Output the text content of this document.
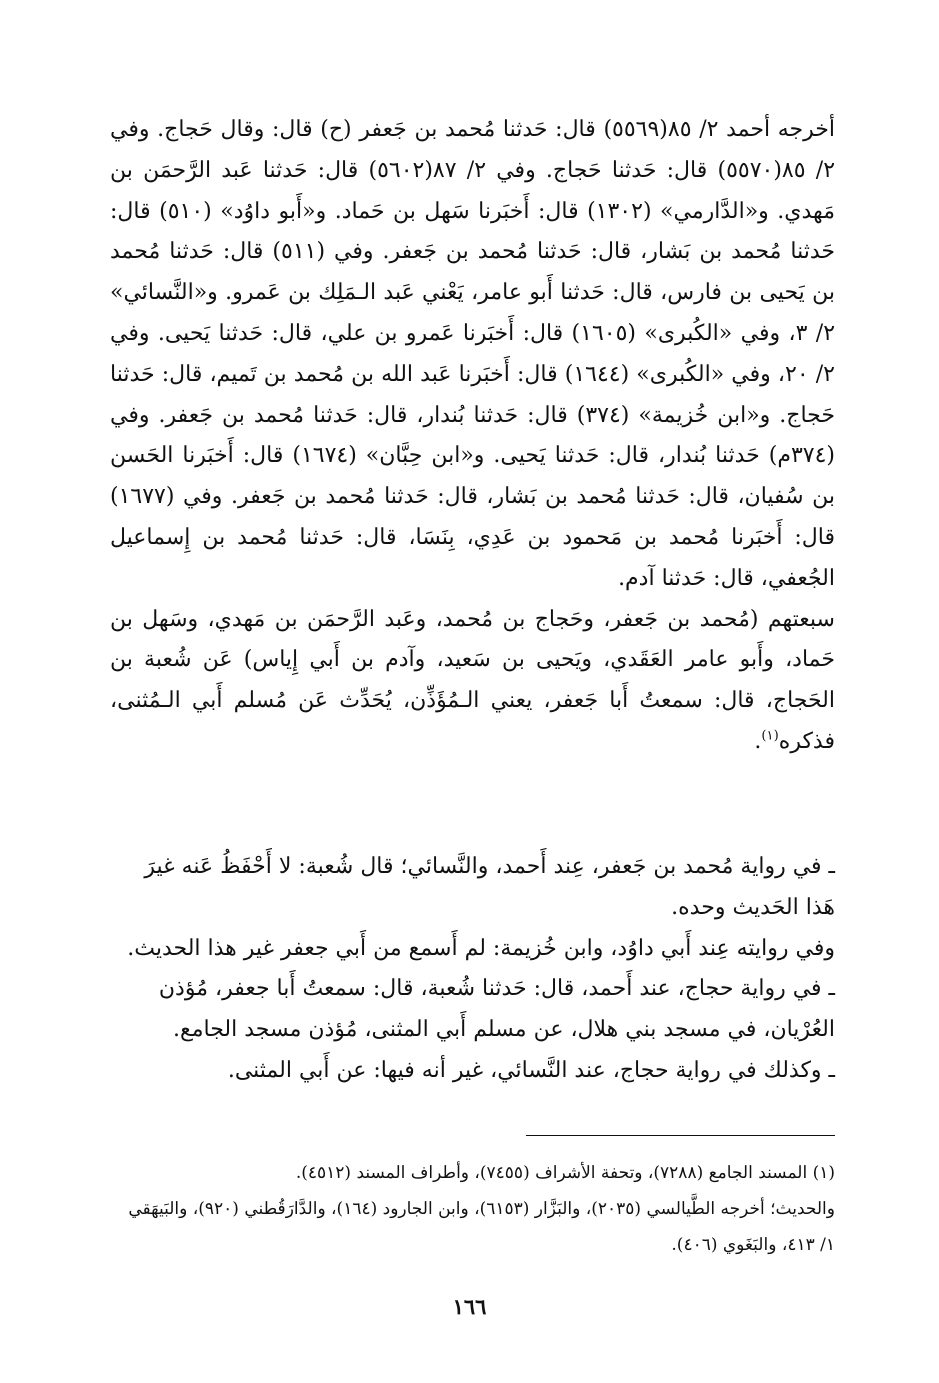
أخرجه أحمد ٢/ ٨٥(٥٥٦٩) قال: حَدثنا مُحمد بن جَعفر (ح) قال: وقال حَجاج. وفي ٢/ ٨٥(٥٥٧٠) قال: حَدثنا حَجاج. وفي ٢/ ٨٧(٥٦٠٢) قال: حَدثنا عَبد الرَّحمَن بن مَهدي. و«الدَّارمي» (١٣٠٢) قال: أَخبَرنا سَهل بن حَماد. و«أَبو داوُد» (٥١٠) قال: حَدثنا مُحمد بن بَشار، قال: حَدثنا مُحمد بن جَعفر. وفي (٥١١) قال: حَدثنا مُحمد بن يَحيى بن فارس، قال: حَدثنا أَبو عامر، يَعْني عَبد الـمَلِك بن عَمرو. و«النَّسائي» ٢/ ٣، وفي «الكُبرى» (١٦٠٥) قال: أَخبَرنا عَمرو بن علي، قال: حَدثنا يَحيى. وفي ٢/ ٢٠، وفي «الكُبرى» (١٦٤٤) قال: أَخبَرنا عَبد الله بن مُحمد بن تَميم، قال: حَدثنا حَجاج. و«ابن خُزيمة» (٣٧٤) قال: حَدثنا بُندار، قال: حَدثنا مُحمد بن جَعفر. وفي (٣٧٤م) حَدثنا بُندار، قال: حَدثنا يَحيى. و«ابن حِبَّان» (١٦٧٤) قال: أَخبَرنا الحَسن بن سُفيان، قال: حَدثنا مُحمد بن بَشار، قال: حَدثنا مُحمد بن جَعفر. وفي (١٦٧٧) قال: أَخبَرنا مُحمد بن مَحمود بن عَدِي، بِنَسَا، قال: حَدثنا مُحمد بن إِسماعيل الجُعفي، قال: حَدثنا آدم.

سبعتهم (مُحمد بن جَعفر، وحَجاج بن مُحمد، وعَبد الرَّحمَن بن مَهدي، وسَهل بن حَماد، وأَبو عامر العَقَدي، ويَحيى بن سَعيد، وآدم بن أَبي إِياس) عَن شُعبة بن الحَجاج، قال: سمعتُ أَبا جَعفر، يعني الـمُؤَذِّن، يُحَدِّث عَن مُسلم أَبي الـمُثنى، فذكره$^{(١)}$.

ـ في رواية مُحمد بن جَعفر، عِند أَحمد، والنَّسائي؛ قال شُعبة: لا أَحْفَظُ عَنه غيرَ هَذا الحَديث وحده.

وفي روايته عِند أَبي داوُد، وابن خُزيمة: لم أَسمع من أَبي جعفر غير هذا الحديث.

ـ في رواية حجاج، عند أَحمد، قال: حَدثنا شُعبة، قال: سمعتُ أَبا جعفر، مُؤذن العُرْيان، في مسجد بني هلال، عن مسلم أَبي المثنى، مُؤذن مسجد الجامع.

ـ وكذلك في رواية حجاج، عند النَّسائي، غير أنه فيها: عن أَبي المثنى.

(١) المسند الجامع (٧٢٨٨)، وتحفة الأشراف (٧٤٥٥)، وأطراف المسند (٤٥١٢).

والحديث؛ أخرجه الطَّيالسي (٢٠٣٥)، والبَزَّار (٦١٥٣)، وابن الجارود (١٦٤)، والدَّارَقُطني (٩٢٠)، والبَيهَقي ١/ ٤١٣، والبَغَوي (٤٠٦).

١٦٦
